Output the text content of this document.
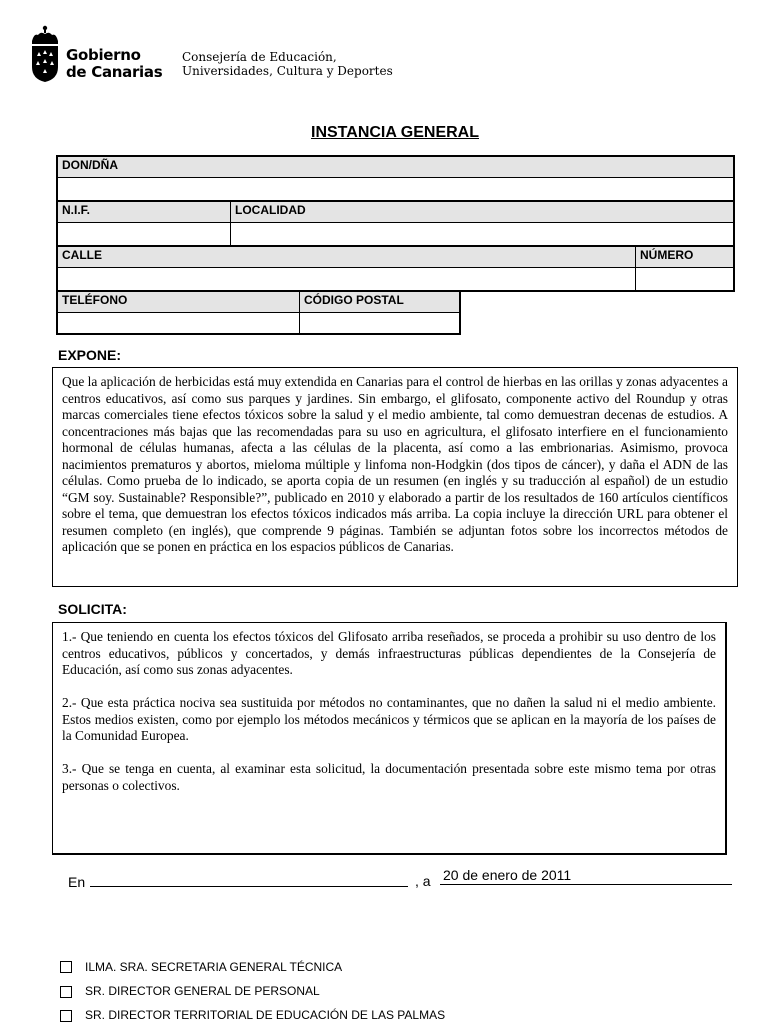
Gobierno
de Canarias
Consejería de Educación,
Universidades, Cultura y Deportes
INSTANCIA GENERAL
DON/DÑA
N.I.F.	LOCALIDAD
CALLE	NÚMERO
TELÉFONO	CÓDIGO POSTAL
EXPONE:
Que la aplicación de herbicidas está muy extendida en Canarias para el control de hierbas en las orillas y zonas adyacentes a centros educativos, así como sus parques y jardines. Sin embargo, el glifosato, componente activo del Roundup y otras marcas comerciales tiene efectos tóxicos sobre la salud y el medio ambiente, tal como demuestran decenas de estudios. A concentraciones más bajas que las recomendadas para su uso en agricultura, el glifosato interfiere en el funcionamiento hormonal de células humanas, afecta a las células de la placenta, así como a las embrionarias. Asimismo, provoca nacimientos prematuros y abortos, mieloma múltiple y linfoma non-Hodgkin (dos tipos de cáncer), y daña el ADN de las células. Como prueba de lo indicado, se aporta copia de un resumen (en inglés y su traducción al español) de un estudio “GM soy. Sustainable? Responsible?”, publicado en 2010 y elaborado a partir de los resultados de 160 artículos científicos sobre el tema, que demuestran los efectos tóxicos indicados más arriba. La copia incluye la dirección URL para obtener el resumen completo (en inglés), que comprende 9 páginas. También se adjuntan fotos sobre los incorrectos métodos de aplicación que se ponen en práctica en los espacios públicos de Canarias.
SOLICITA:

1.- Que teniendo en cuenta los efectos tóxicos del Glifosato arriba reseñados, se proceda a prohibir su uso dentro de los centros educativos, públicos y concertados, y demás infraestructuras públicas dependientes de la Consejería de Educación, así como sus zonas adyacentes.

2.- Que esta práctica nociva sea sustituida por métodos no contaminantes, que no dañen la salud ni el medio ambiente. Estos medios existen, como por ejemplo los métodos mecánicos y térmicos que se aplican en la mayoría de los países de la Comunidad Europea.

3.- Que se tenga en cuenta, al examinar esta solicitud, la documentación presentada sobre este mismo tema por otras personas o colectivos.

En	, a 20 de enero de 2011
ILMA. SRA. SECRETARIA GENERAL TÉCNICA
SR. DIRECTOR GENERAL DE PERSONAL
SR. DIRECTOR TERRITORIAL DE EDUCACIÓN DE LAS PALMAS
